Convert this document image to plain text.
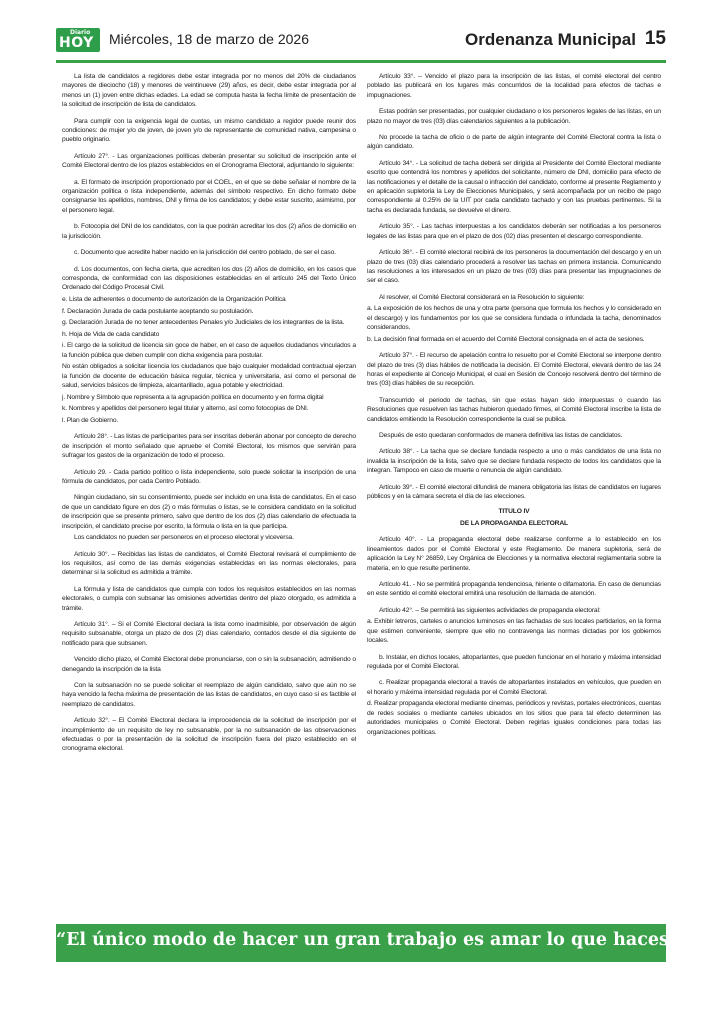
Diario
HOY Miércoles, 18 de marzo de 2026	Ordenanza Municipal 15

La lista de candidatos a regidores debe estar integrada por no menos del 20% de ciudadanos mayores de dieciocho (18) y menores de veintinueve (29) años, es decir, debe estar integrada por al menos un (1) joven entre dichas edades. La edad se computa hasta la fecha límite de presentación de la solicitud de inscripción de lista de candidatos.

Para cumplir con la exigencia legal de cuotas, un mismo candidato a regidor puede reunir dos condiciones: de mujer y/o de joven, de joven y/o de representante de comunidad nativa, campesina o pueblo originario.

Artículo 27°. - Las organizaciones políticas deberán presentar su solicitud de inscripción ante el Comité Electoral dentro de los plazos establecidos en el Cronograma Electoral, adjuntando lo siguiente:

a. El formato de inscripción proporcionado por el COEL, en el que se debe señalar el nombre de la organización política o lista independiente, además del símbolo respectivo. En dicho formato debe consignarse los apellidos, nombres, DNI y firma de los candidatos; y debe estar suscrito, asimismo, por el personero legal.

b. Fotocopia del DNI de los candidatos, con la que podrán acreditar los dos (2) años de domicilio en la jurisdicción.

c. Documento que acredite haber nacido en la jurisdicción del centro poblado, de ser el caso.

d. Los documentos, con fecha cierta, que acrediten los dos (2) años de domicilio, en los casos que corresponda, de conformidad con las disposiciones establecidas en el artículo 245 del Texto Único Ordenado del Código Procesal Civil.

e. Lista de adherentes o documento de autorización de la Organización Política

f. Declaración Jurada de cada postulante aceptando su postulación.

g. Declaración Jurada de no tener antecedentes Penales y/o Judiciales de los integrantes de la lista.

h. Hoja de Vida de cada candidato

i. El cargo de la solicitud de licencia sin goce de haber, en el caso de aquellos ciudadanos vinculados a la función pública que deben cumplir con dicha exigencia para postular.

No están obligados a solicitar licencia los ciudadanos que bajo cualquier modalidad contractual ejerzan la función de docente de educación básica regular, técnica y universitaria, así como el personal de salud, servicios básicos de limpieza, alcantarillado, agua potable y electricidad.

j. Nombre y Símbolo que representa a la agrupación política en documento y en forma digital

k. Nombres y apellidos del personero legal titular y alterno, así como fotocopias de DNI.

l. Plan de Gobierno.

Artículo 28°. - Las listas de participantes para ser inscritas deberán abonar por concepto de derecho de inscripción el monto señalado que apruebe el Comité Electoral, los mismos que servirán para sufragar los gastos de la organización de todo el proceso.

Artículo 29. - Cada partido político o lista independiente, solo puede solicitar la inscripción de una fórmula de candidatos, por cada Centro Poblado.

Ningún ciudadano, sin su consentimiento, puede ser incluido en una lista de candidatos. En el caso de que un candidato figure en dos (2) o más fórmulas o listas, se le considera candidato en la solicitud de inscripción que se presente primero, salvo que dentro de los dos (2) días calendario de efectuada la inscripción, el candidato precise por escrito, la fórmula o lista en la que participa.

Los candidatos no pueden ser personeros en el proceso electoral y viceversa.

Artículo 30°. – Recibidas las listas de candidatos, el Comité Electoral revisará el cumplimiento de los requisitos, así como de las demás exigencias establecidas en las normas electorales, para determinar si la solicitud es admitida a trámite.

La fórmula y lista de candidatos que cumpla con todos los requisitos establecidos en las normas electorales, o cumpla con subsanar las omisiones advertidas dentro del plazo otorgado, es admitida a trámite.

Artículo 31°. – Si el Comité Electoral declara la lista como inadmisible, por observación de algún requisito subsanable, otorga un plazo de dos (2) días calendario, contados desde el día siguiente de notificado para que subsanen.

Vencido dicho plazo, el Comité Electoral debe pronunciarse, con o sin la subsanación, admitiendo o denegando la inscripción de la lista

Con la subsanación no se puede solicitar el reemplazo de algún candidato, salvo que aún no se haya vencido la fecha máxima de presentación de las listas de candidatos, en cuyo caso sí es factible el reemplazo de candidatos.

Artículo 32°. – El Comité Electoral declara la improcedencia de la solicitud de inscripción por el incumplimiento de un requisito de ley no subsanable, por la no subsanación de las observaciones efectuadas o por la presentación de la solicitud de inscripción fuera del plazo establecido en el cronograma electoral.

Artículo 33°. – Vencido el plazo para la inscripción de las listas, el comité electoral del centro poblado las publicará en los lugares más concurridos de la localidad para efectos de tachas e impugnaciones.

Estas podrán ser presentadas, por cualquier ciudadano o los personeros legales de las listas, en un plazo no mayor de tres (03) días calendarios siguientes a la publicación.

No procede la tacha de oficio o de parte de algún integrante del Comité Electoral contra la lista o algún candidato.

Artículo 34°. - La solicitud de tacha deberá ser dirigida al Presidente del Comité Electoral mediante escrito que contendrá los nombres y apellidos del solicitante, número de DNI, domicilio para efecto de las notificaciones y el detalle de la causal o infracción del candidato, conforme al presente Reglamento y en aplicación supletoria la Ley de Elecciones Municipales, y será acompañada por un recibo de pago correspondiente al 0.25% de la UIT por cada candidato tachado y con las pruebas pertinentes. Si la tacha es declarada fundada, se devuelve el dinero.

Artículo 35°. - Las tachas interpuestas a los candidatos deberán ser notificadas a los personeros legales de las listas para que en el plazo de dos (02) días presenten el descargo correspondiente.

Artículo 36°. - El comité electoral recibirá de los personeros la documentación del descargo y en un plazo de tres (03) días calendario procederá a resolver las tachas en primera instancia. Comunicando las resoluciones a los interesados en un plazo de tres (03) días para presentar las impugnaciones de ser el caso.

Al resolver, el Comité Electoral considerará en la Resolución lo siguiente:

a. La exposición de los hechos de una y otra parte (persona que formula los hechos y lo considerado en el descargo) y los fundamentos por los que se considera fundada o infundada la tacha, denominados considerandos.

b. La decisión final formada en el acuerdo del Comité Electoral consignada en el acta de sesiones.

Artículo 37°. - El recurso de apelación contra lo resuelto por el Comité Electoral se interpone dentro del plazo de tres (3) días hábiles de notificada la decisión. El Comité Electoral, elevará dentro de las 24 horas el expediente al Concejo Municipal, el cual en Sesión de Concejo resolverá dentro del término de tres (03) días hábiles de su recepción.

Transcurrido el periodo de tachas, sin que estas hayan sido interpuestas o cuando las Resoluciones que resuelven las tachas hubieron quedado firmes, el Comité Electoral inscribe la lista de candidatos emitiendo la Resolución correspondiente la cual se publica.

Después de esto quedaran conformados de manera definitiva las listas de candidatos.

Artículo 38°. - La tacha que se declare fundada respecto a uno o más candidatos de una lista no invalida la inscripción de la lista, salvo que se declare fundada respecto de todos los candidatos que la integran. Tampoco en caso de muerte o renuncia de algún candidato.

Artículo 39°. - El comité electoral difundirá de manera obligatoria las listas de candidatos en lugares públicos y en la cámara secreta el día de las elecciones.

TITULO IV

DE LA PROPAGANDA ELECTORAL

Artículo 40°. - La propaganda electoral debe realizarse conforme a lo establecido en los lineamientos dados por el Comité Electoral y este Reglamento. De manera supletoria, será de aplicación la Ley N° 26859, Ley Orgánica de Elecciones y la normativa electoral reglamentaria sobre la materia, en lo que resulte pertinente.

Artículo 41. - No se permitirá propaganda tendenciosa, hiriente o difamatoria. En caso de denuncias en este sentido el comité electoral emitirá una resolución de llamada de atención.

Artículo 42°. – Se permitirá las siguientes actividades de propaganda electoral:

a. Exhibir letreros, carteles o anuncios luminosos en las fachadas de sus locales partidarios, en la forma que estimen conveniente, siempre que ello no contravenga las normas dictadas por los gobiernos locales.

b. Instalar, en dichos locales, altoparlantes, que pueden funcionar en el horario y máxima intensidad regulada por el Comité Electoral.

c. Realizar propaganda electoral a través de altoparlantes instalados en vehículos, que pueden en el horario y máxima intensidad regulada por el Comité Electoral.

d. Realizar propaganda electoral mediante cinemas, periódicos y revistas, portales electrónicos, cuentas de redes sociales o mediante carteles ubicados en los sitios que para tal efecto determinen las autoridades municipales o Comité Electoral. Deben regirlas iguales condiciones para todas las organizaciones políticas.

“El único modo de hacer un gran trabajo es amar lo que haces”
